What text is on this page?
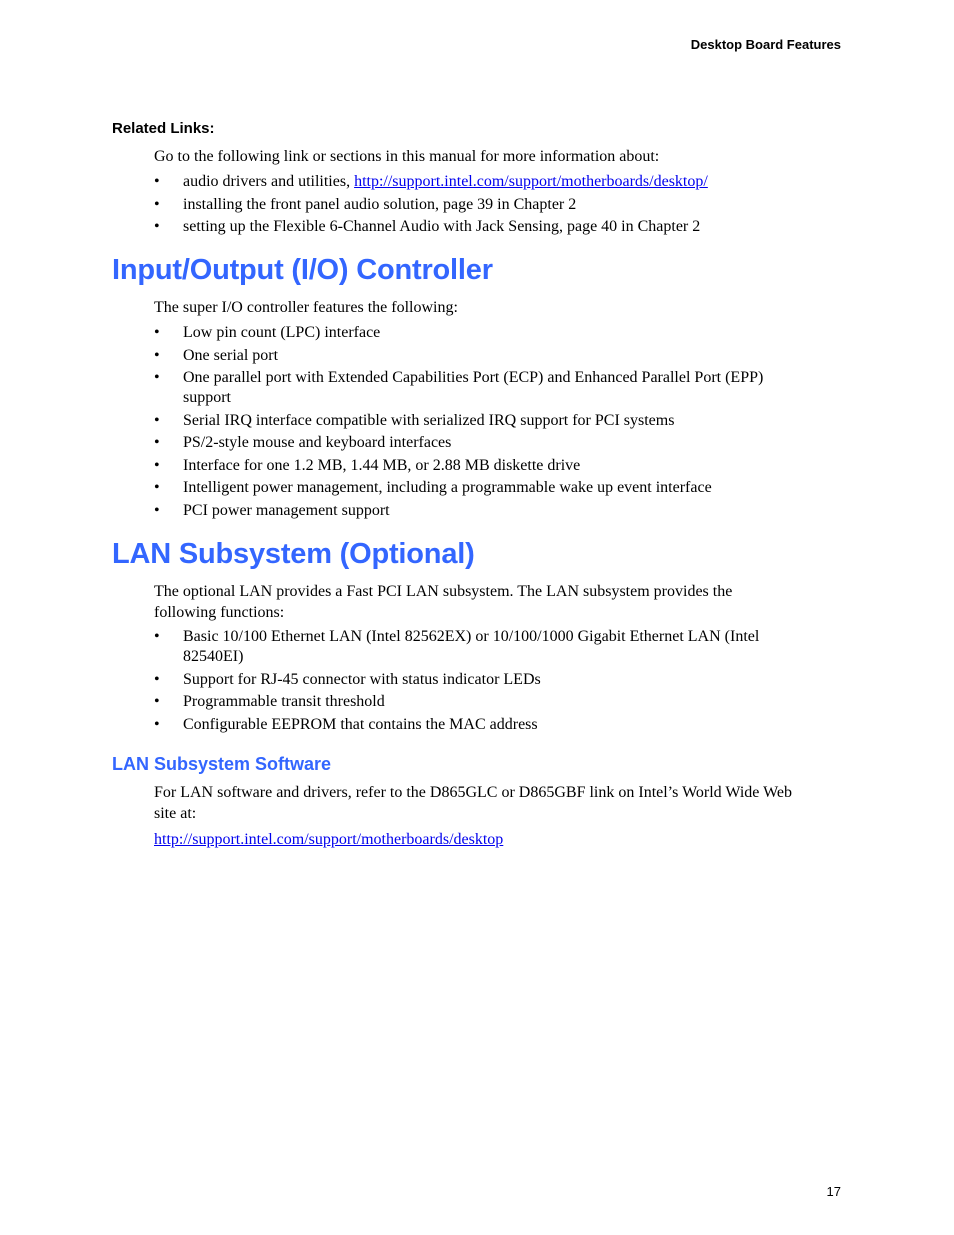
Desktop Board Features
Related Links:
Go to the following link or sections in this manual for more information about:
• audio drivers and utilities, http://support.intel.com/support/motherboards/desktop/
• installing the front panel audio solution, page 39 in Chapter 2
• setting up the Flexible 6-Channel Audio with Jack Sensing, page 40 in Chapter 2
Input/Output (I/O) Controller
The super I/O controller features the following:
• Low pin count (LPC) interface
• One serial port
• One parallel port with Extended Capabilities Port (ECP) and Enhanced Parallel Port (EPP) support
• Serial IRQ interface compatible with serialized IRQ support for PCI systems
• PS/2-style mouse and keyboard interfaces
• Interface for one 1.2 MB, 1.44 MB, or 2.88 MB diskette drive
• Intelligent power management, including a programmable wake up event interface
• PCI power management support
LAN Subsystem (Optional)
The optional LAN provides a Fast PCI LAN subsystem. The LAN subsystem provides the following functions:
• Basic 10/100 Ethernet LAN (Intel 82562EX) or 10/100/1000 Gigabit Ethernet LAN (Intel 82540EI)
• Support for RJ-45 connector with status indicator LEDs
• Programmable transit threshold
• Configurable EEPROM that contains the MAC address
LAN Subsystem Software
For LAN software and drivers, refer to the D865GLC or D865GBF link on Intel’s World Wide Web site at:
http://support.intel.com/support/motherboards/desktop
17
